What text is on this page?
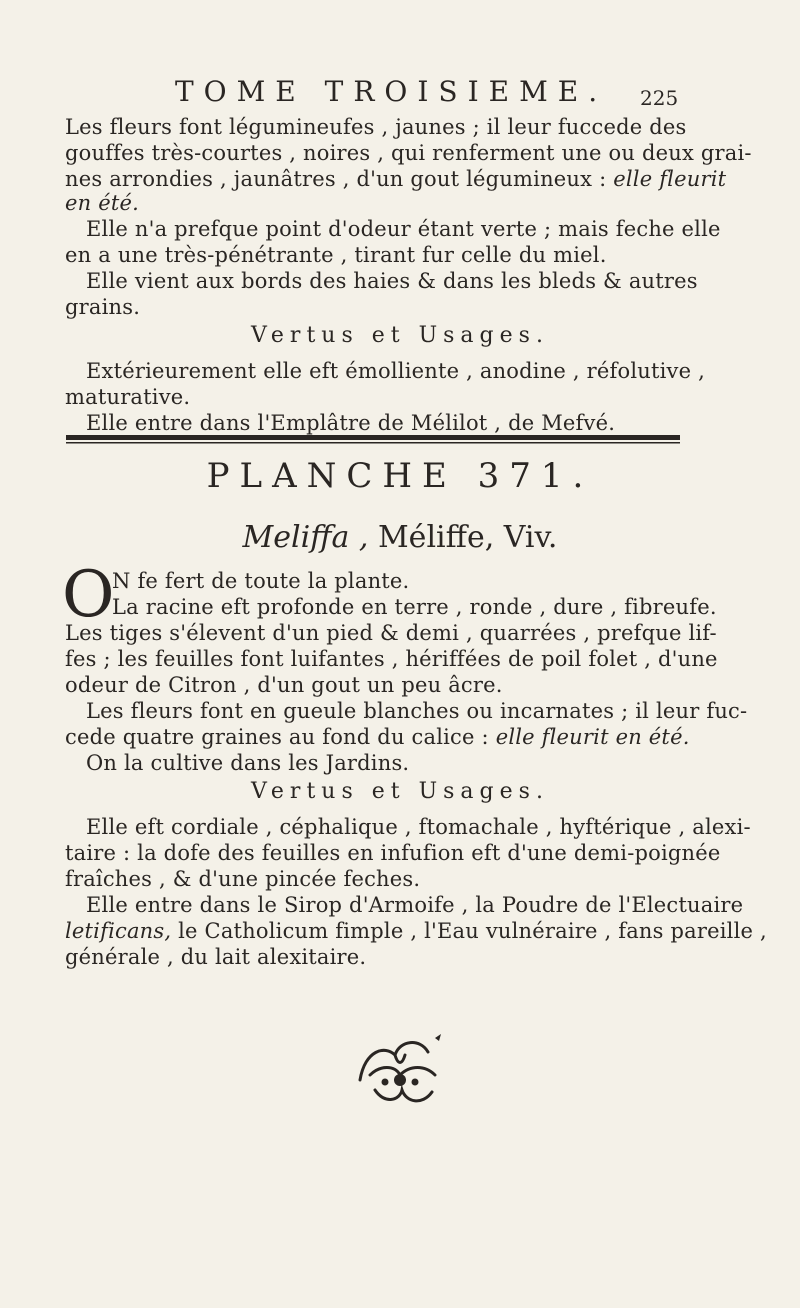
TOME TROISIEME. 225
Les fleurs font légumineufes , jaunes ; il leur fuccede des
gouffes très-courtes , noires , qui renferment une ou deux grai-
nes arrondies , jaunâtres , d'un gout légumineux : elle fleurit
en été.
Elle n'a prefque point d'odeur étant verte ; mais feche elle
en a une très-pénétrante , tirant fur celle du miel.
Elle vient aux bords des haies & dans les bleds & autres
grains.
Vertus et Usages.
Extérieurement elle eft émolliente , anodine , réfolutive ,
maturative.
Elle entre dans l'Emplâtre de Mélilot , de Mefvé.
PLANCHE 371.
Meliffa , Méliffe, Viv.
O
N fe fert de toute la plante.
La racine eft profonde en terre , ronde , dure , fibreufe.
Les tiges s'élevent d'un pied & demi , quarrées , prefque lif-
fes ; les feuilles font luifantes , hériffées de poil folet , d'une
odeur de Citron , d'un gout un peu âcre.
Les fleurs font en gueule blanches ou incarnates ; il leur fuc-
cede quatre graines au fond du calice : elle fleurit en été.
On la cultive dans les Jardins.
Vertus et Usages.
Elle eft cordiale , céphalique , ftomachale , hyftérique , alexi-
taire : la dofe des feuilles en infufion eft d'une demi-poignée
fraîches , & d'une pincée feches.
Elle entre dans le Sirop d'Armoife , la Poudre de l'Electuaire
letificans, le Catholicum fimple , l'Eau vulnéraire , fans pareille ,
générale , du lait alexitaire.
